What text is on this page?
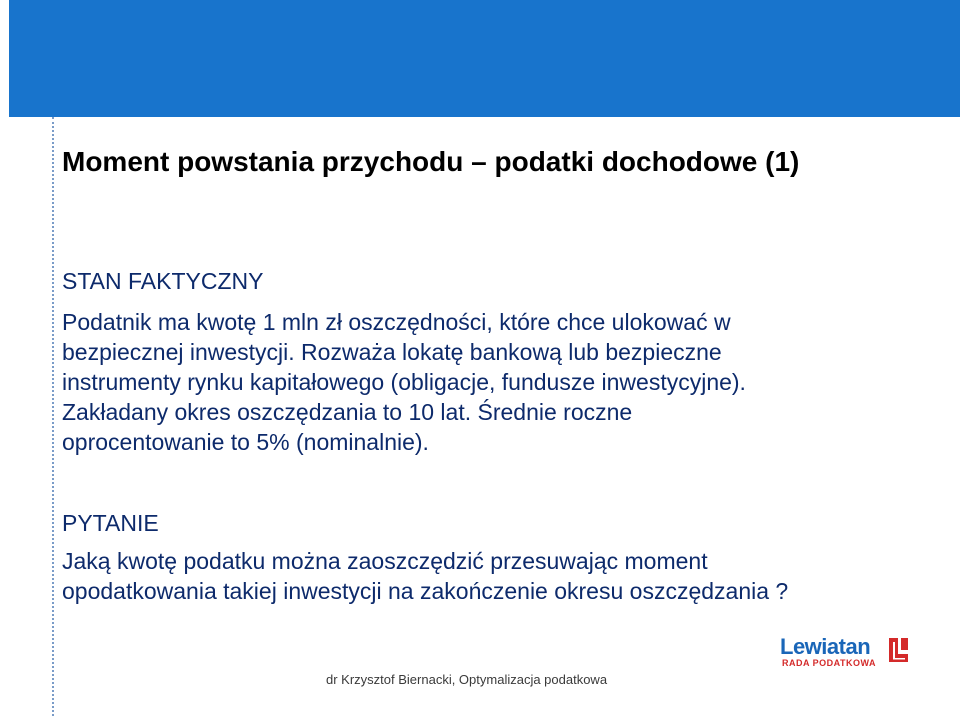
Moment powstania przychodu – podatki dochodowe (1)
STAN FAKTYCZNY
Podatnik ma kwotę 1 mln zł oszczędności, które chce ulokować w
bezpiecznej inwestycji. Rozważa lokatę bankową lub bezpieczne
instrumenty rynku kapitałowego (obligacje, fundusze inwestycyjne).
Zakładany okres oszczędzania to 10 lat. Średnie roczne
oprocentowanie to 5% (nominalnie).
PYTANIE
Jaką kwotę podatku można zaoszczędzić przesuwając moment
opodatkowania takiej inwestycji na zakończenie okresu oszczędzania ?
Lewiatan
RADA PODATKOWA

dr Krzysztof Biernacki, Optymalizacja podatkowa
